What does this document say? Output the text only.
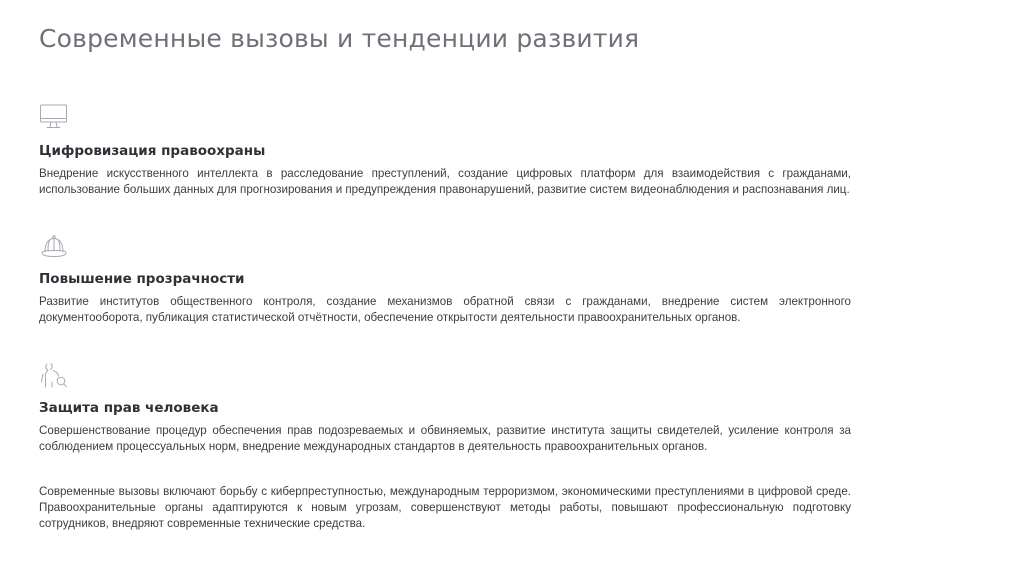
Современные вызовы и тенденции развития
Цифровизация правоохраны

Внедрение искусственного интеллекта в расследование преступлений, создание цифровых платформ для взаимодействия с гражданами, использование больших данных для прогнозирования и предупреждения правонарушений, развитие систем видеонаблюдения и распознавания лиц.

Повышение прозрачности

Развитие институтов общественного контроля, создание механизмов обратной связи с гражданами, внедрение систем электронного документооборота, публикация статистической отчётности, обеспечение открытости деятельности правоохранительных органов.

Защита прав человека

Совершенствование процедур обеспечения прав подозреваемых и обвиняемых, развитие института защиты свидетелей, усиление контроля за соблюдением процессуальных норм, внедрение международных стандартов в деятельность правоохранительных органов.

Современные вызовы включают борьбу с киберпреступностью, международным терроризмом, экономическими преступлениями в цифровой среде. Правоохранительные органы адаптируются к новым угрозам, совершенствуют методы работы, повышают профессиональную подготовку сотрудников, внедряют современные технические средства.
